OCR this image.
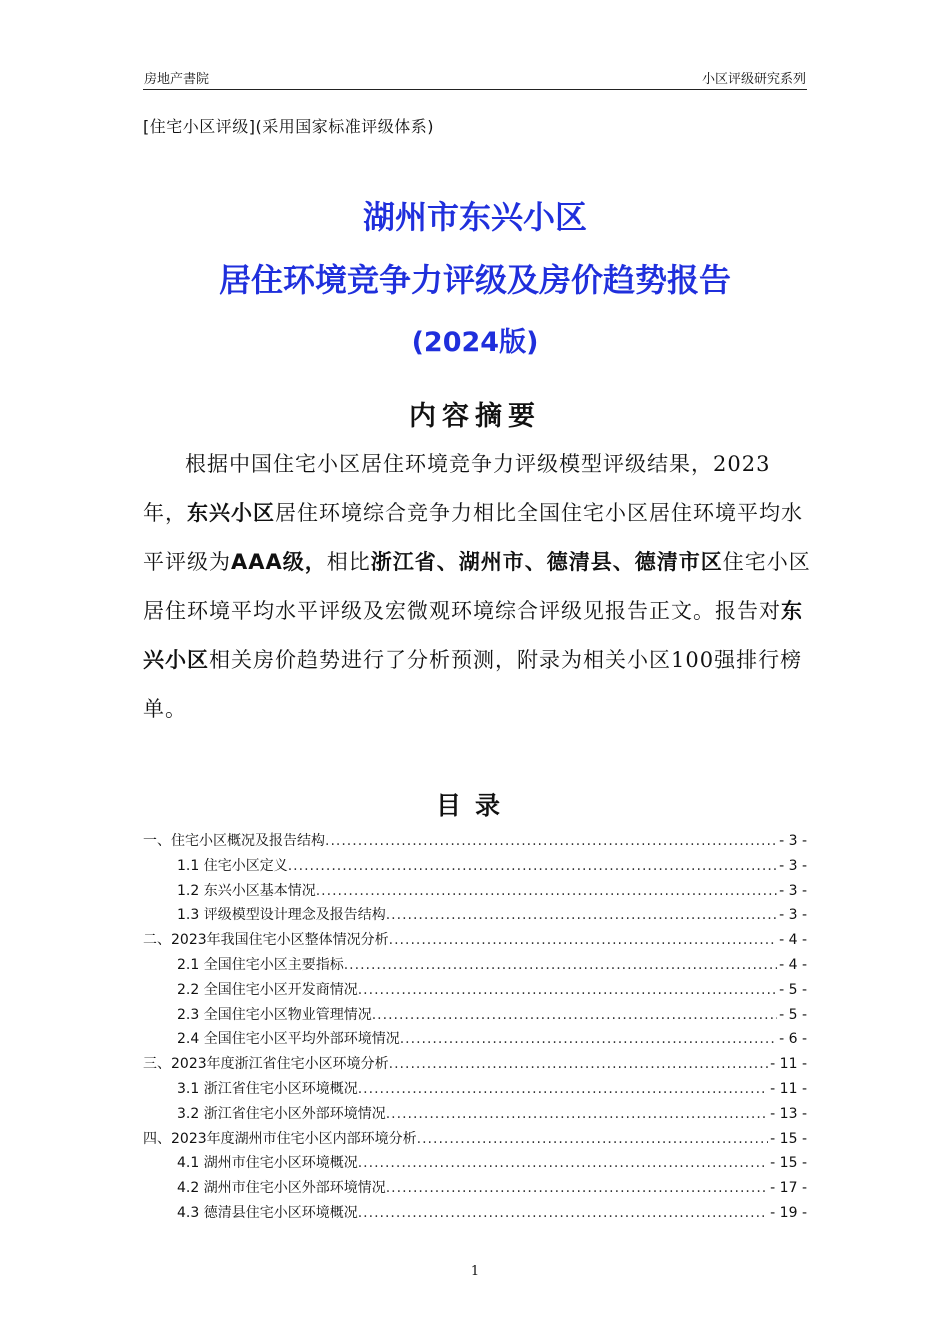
房地产書院	小区评级研究系列
[住宅小区评级](采用国家标准评级体系)
湖州市东兴小区
居住环境竞争力评级及房价趋势报告
(2024版)
内容摘要

根据中国住宅小区居住环境竞争力评级模型评级结果，2023年，东兴小区居住环境综合竞争力相比全国住宅小区居住环境平均水平评级为AAA级，相比浙江省、湖州市、德清县、德清市区住宅小区居住环境平均水平评级及宏微观环境综合评级见报告正文。报告对东兴小区相关房价趋势进行了分析预测，附录为相关小区100强排行榜单。

目录
一、住宅小区概况及报告结构 .....	- 3 -
1.1 住宅小区定义 .....	- 3 -
1.2 东兴小区基本情况 .....	- 3 -
1.3 评级模型设计理念及报告结构 .....	- 3 -
二、2023年我国住宅小区整体情况分析 .....	- 4 -
2.1 全国住宅小区主要指标 .....	- 4 -
2.2 全国住宅小区开发商情况 .....	- 5 -
2.3 全国住宅小区物业管理情况 .....	- 5 -
2.4 全国住宅小区平均外部环境情况 .....	- 6 -
三、2023年度浙江省住宅小区环境分析 .....	- 11 -
3.1 浙江省住宅小区环境概况 .....	- 11 -
3.2 浙江省住宅小区外部环境情况 .....	- 13 -
四、2023年度湖州市住宅小区内部环境分析 .....	- 15 -
4.1 湖州市住宅小区环境概况 .....	- 15 -
4.2 湖州市住宅小区外部环境情况 .....	- 17 -
4.3 德清县住宅小区环境概况 .....	- 19 -
1
